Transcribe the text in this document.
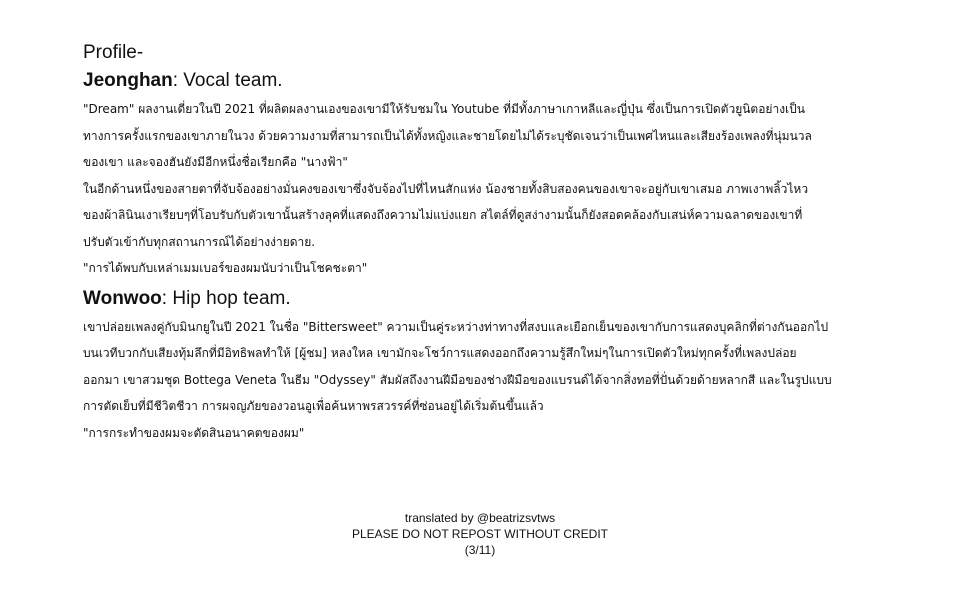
Profile-
Jeonghan: Vocal team.
"Dream" ผลงานเดี่ยวในปี 2021 ที่ผลิตผลงานเองของเขามีให้รับชมใน Youtube ที่มีทั้งภาษาเกาหลีและญี่ปุ่น ซึ่งเป็นการเปิดตัวยูนิตอย่างเป็น
ทางการครั้งแรกของเขาภายในวง ด้วยความงามที่สามารถเป็นได้ทั้งหญิงและชายโดยไม่ได้ระบุชัดเจนว่าเป็นเพศไหนและเสียงร้องเพลงที่นุ่มนวล
ของเขา และจองฮันยังมีอีกหนึ่งชื่อเรียกคือ "นางฟ้า"
ในอีกด้านหนึ่งของสายตาที่จับจ้องอย่างมั่นคงของเขาซึ่งจับจ้องไปที่ไหนสักแห่ง น้องชายทั้งสิบสองคนของเขาจะอยู่กับเขาเสมอ ภาพเงาพลิ้วไหว
ของผ้าลินินเงาเรียบๆที่โอบรับกับตัวเขานั้นสร้างลุคที่แสดงถึงความไม่แบ่งแยก สไตล์ที่ดูสง่างามนั้นก็ยังสอดคล้องกับเสน่ห์ความฉลาดของเขาที่
ปรับตัวเข้ากับทุกสถานการณ์ได้อย่างง่ายดาย.
"การได้พบกับเหล่าเมมเบอร์ของผมนับว่าเป็นโชคชะตา"
Wonwoo: Hip hop team.
เขาปล่อยเพลงคู่กับมินกยูในปี 2021 ในชื่อ "Bittersweet" ความเป็นคู่ระหว่างท่าทางที่สงบและเยือกเย็นของเขากับการแสดงบุคลิกที่ต่างกันออกไป
บนเวทีบวกกับเสียงทุ้มลึกที่มีอิทธิพลทำให้ [ผู้ชม] หลงใหล เขามักจะโชว์การแสดงออกถึงความรู้สึกใหม่ๆในการเปิดตัวใหม่ทุกครั้งที่เพลงปล่อย
ออกมา เขาสวมชุด Bottega Veneta ในธีม "Odyssey" สัมผัสถึงงานฝีมือของช่างฝีมือของแบรนด์ได้จากสิ่งทอที่ปั่นด้วยด้ายหลากสี และในรูปแบบ
การตัดเย็บที่มีชีวิตชีวา การผจญภัยของวอนอูเพื่อค้นหาพรสวรรค์ที่ซ่อนอยู่ได้เริ่มต้นขึ้นแล้ว
"การกระทำของผมจะตัดสินอนาคตของผม"
translated by @beatrizsvtws
PLEASE DO NOT REPOST WITHOUT CREDIT
(3/11)
